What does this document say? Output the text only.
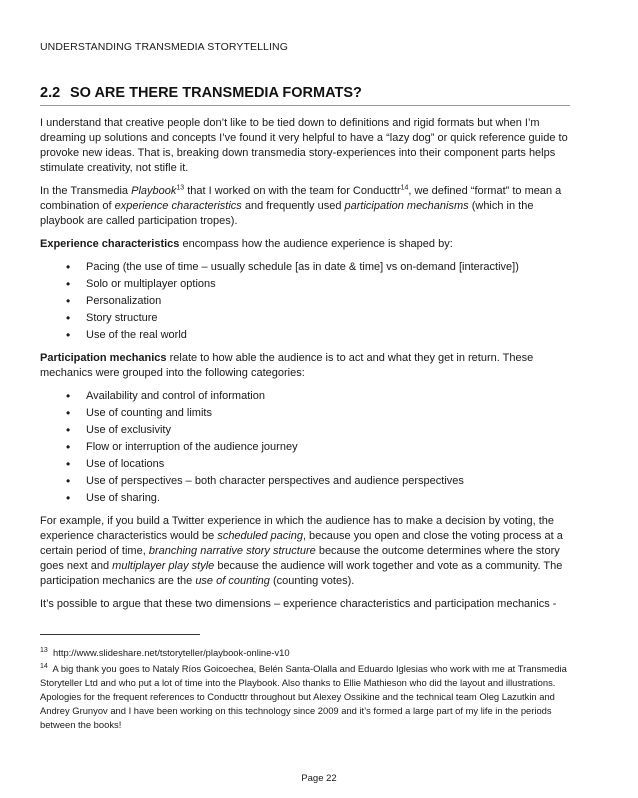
UNDERSTANDING TRANSMEDIA STORYTELLING
2.2 SO ARE THERE TRANSMEDIA FORMATS?

I understand that creative people don’t like to be tied down to definitions and rigid formats but when I’m dreaming up solutions and concepts I’ve found it very helpful to have a “lazy dog” or quick reference guide to provoke new ideas. That is, breaking down transmedia story-experiences into their component parts helps stimulate creativity, not stifle it.

In the Transmedia Playbook$^{13}$ that I worked on with the team for Conducttr$^{14}$, we defined “format” to mean a combination of experience characteristics and frequently used participation mechanisms (which in the playbook are called participation tropes).

Experience characteristics encompass how the audience experience is shaped by:

• Pacing (the use of time – usually schedule [as in date & time] vs on-demand [interactive])
• Solo or multiplayer options
• Personalization
• Story structure
• Use of the real world

Participation mechanics relate to how able the audience is to act and what they get in return. These mechanics were grouped into the following categories:

• Availability and control of information
• Use of counting and limits
• Use of exclusivity
• Flow or interruption of the audience journey
• Use of locations
• Use of perspectives – both character perspectives and audience perspectives
• Use of sharing.

For example, if you build a Twitter experience in which the audience has to make a decision by voting, the experience characteristics would be scheduled pacing, because you open and close the voting process at a certain period of time, branching narrative story structure because the outcome determines where the story goes next and multiplayer play style because the audience will work together and vote as a community. The participation mechanics are the use of counting (counting votes).

It’s possible to argue that these two dimensions – experience characteristics and participation mechanics -

$^{13}$ http://www.slideshare.net/tstoryteller/playbook-online-v10

$^{14}$ A big thank you goes to Nataly Ríos Goicoechea, Belén Santa-Olalla and Eduardo Iglesias who work with me at Transmedia Storyteller Ltd and who put a lot of time into the Playbook. Also thanks to Ellie Mathieson who did the layout and illustrations. Apologies for the frequent references to Conducttr throughout but Alexey Ossikine and the technical team Oleg Lazutkin and Andrey Grunyov and I have been working on this technology since 2009 and it’s formed a large part of my life in the periods between the books!

Page 22
